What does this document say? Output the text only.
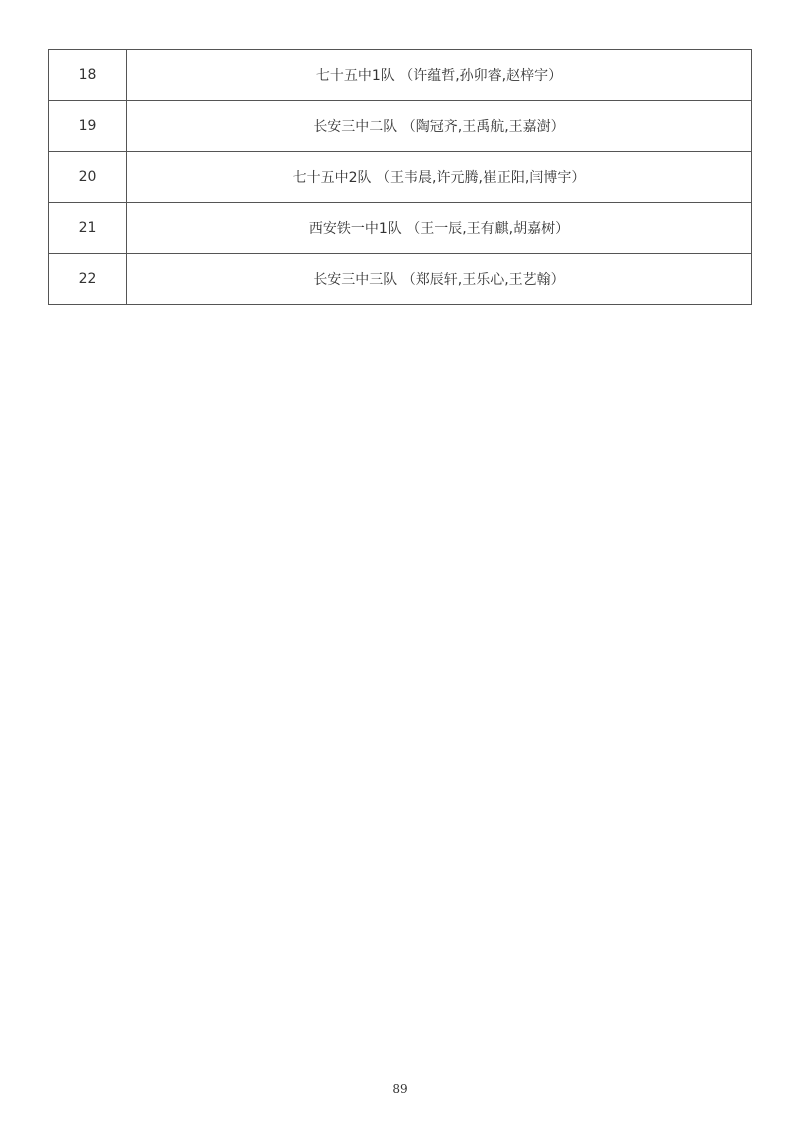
18	七十五中1队 （许蕴哲,孙卯睿,赵梓宇）
19	长安三中二队 （陶冠齐,王禹航,王嘉澍）
20	七十五中2队 （王韦晨,许元腾,崔正阳,闫博宇）
21	西安铁一中1队 （王一辰,王有麒,胡嘉树）
22	长安三中三队 （郑辰轩,王乐心,王艺翰）
89
